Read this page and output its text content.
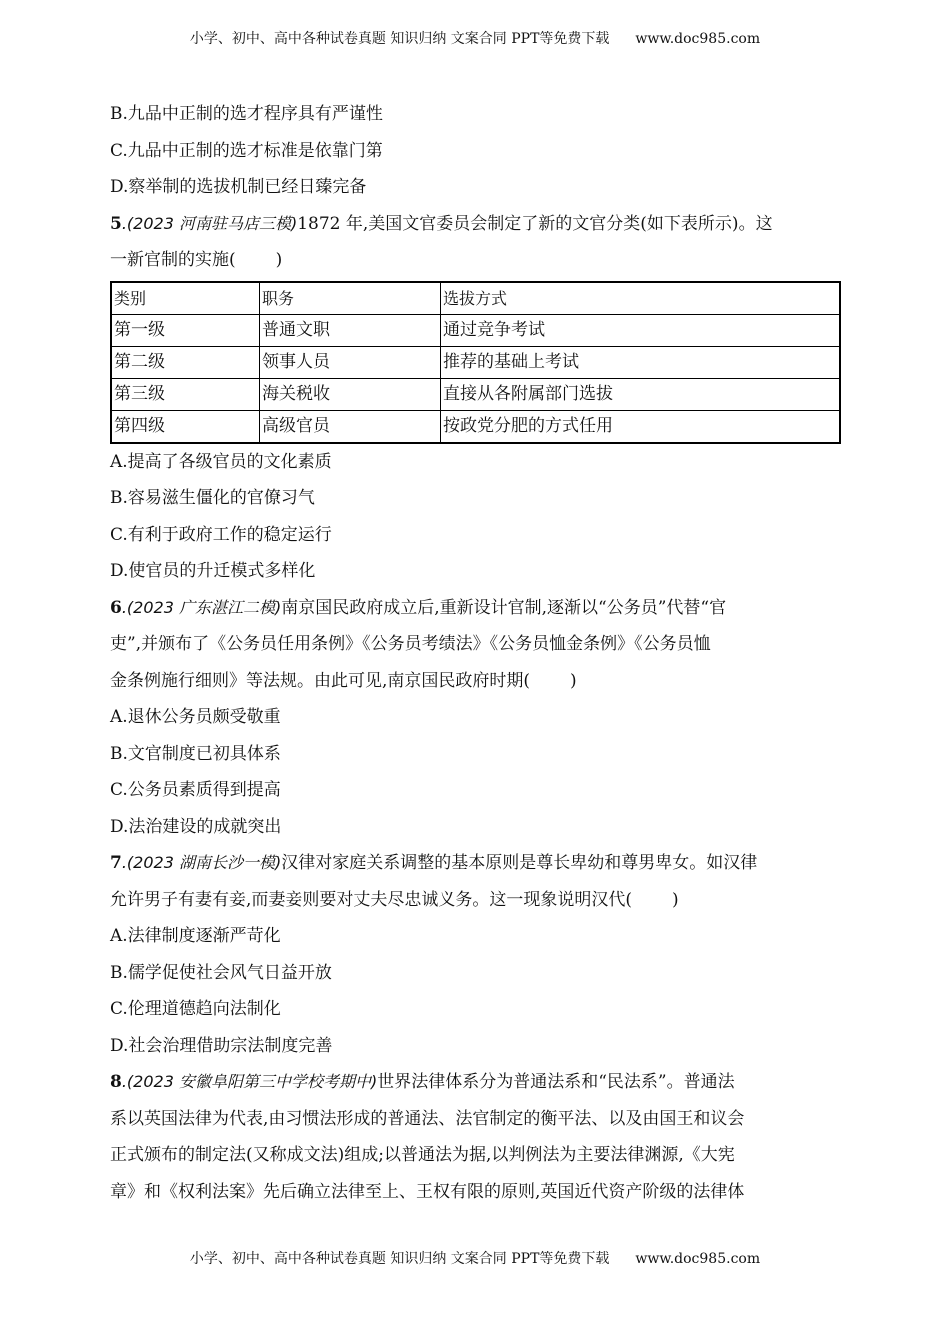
小学、初中、高中各种试卷真题 知识归纳 文案合同 PPT等免费下载 www.doc985.com
B.九品中正制的选才程序具有严谨性
C.九品中正制的选才标准是依靠门第
D.察举制的选拔机制已经日臻完备
5.(2023 河南驻马店三模)1872 年,美国文官委员会制定了新的文官分类(如下表所示)。这
一新官制的实施( )
类别	职务	选拔方式
第一级	普通文职	通过竞争考试
第二级	领事人员	推荐的基础上考试
第三级	海关税收	直接从各附属部门选拔
第四级	高级官员	按政党分肥的方式任用
A.提高了各级官员的文化素质
B.容易滋生僵化的官僚习气
C.有利于政府工作的稳定运行
D.使官员的升迁模式多样化
6.(2023 广东湛江二模)南京国民政府成立后,重新设计官制,逐渐以“公务员”代替“官
吏”,并颁布了《公务员任用条例》《公务员考绩法》《公务员恤金条例》《公务员恤
金条例施行细则》等法规。由此可见,南京国民政府时期( )
A.退休公务员颇受敬重
B.文官制度已初具体系
C.公务员素质得到提高
D.法治建设的成就突出
7.(2023 湖南长沙一模)汉律对家庭关系调整的基本原则是尊长卑幼和尊男卑女。如汉律
允许男子有妻有妾,而妻妾则要对丈夫尽忠诚义务。这一现象说明汉代( )
A.法律制度逐渐严苛化
B.儒学促使社会风气日益开放
C.伦理道德趋向法制化
D.社会治理借助宗法制度完善
8.(2023 安徽阜阳第三中学校考期中)世界法律体系分为普通法系和“民法系”。普通法
系以英国法律为代表,由习惯法形成的普通法、法官制定的衡平法、以及由国王和议会
正式颁布的制定法(又称成文法)组成;以普通法为据,以判例法为主要法律渊源,《大宪
章》和《权利法案》先后确立法律至上、王权有限的原则,英国近代资产阶级的法律体
小学、初中、高中各种试卷真题 知识归纳 文案合同 PPT等免费下载 www.doc985.com
